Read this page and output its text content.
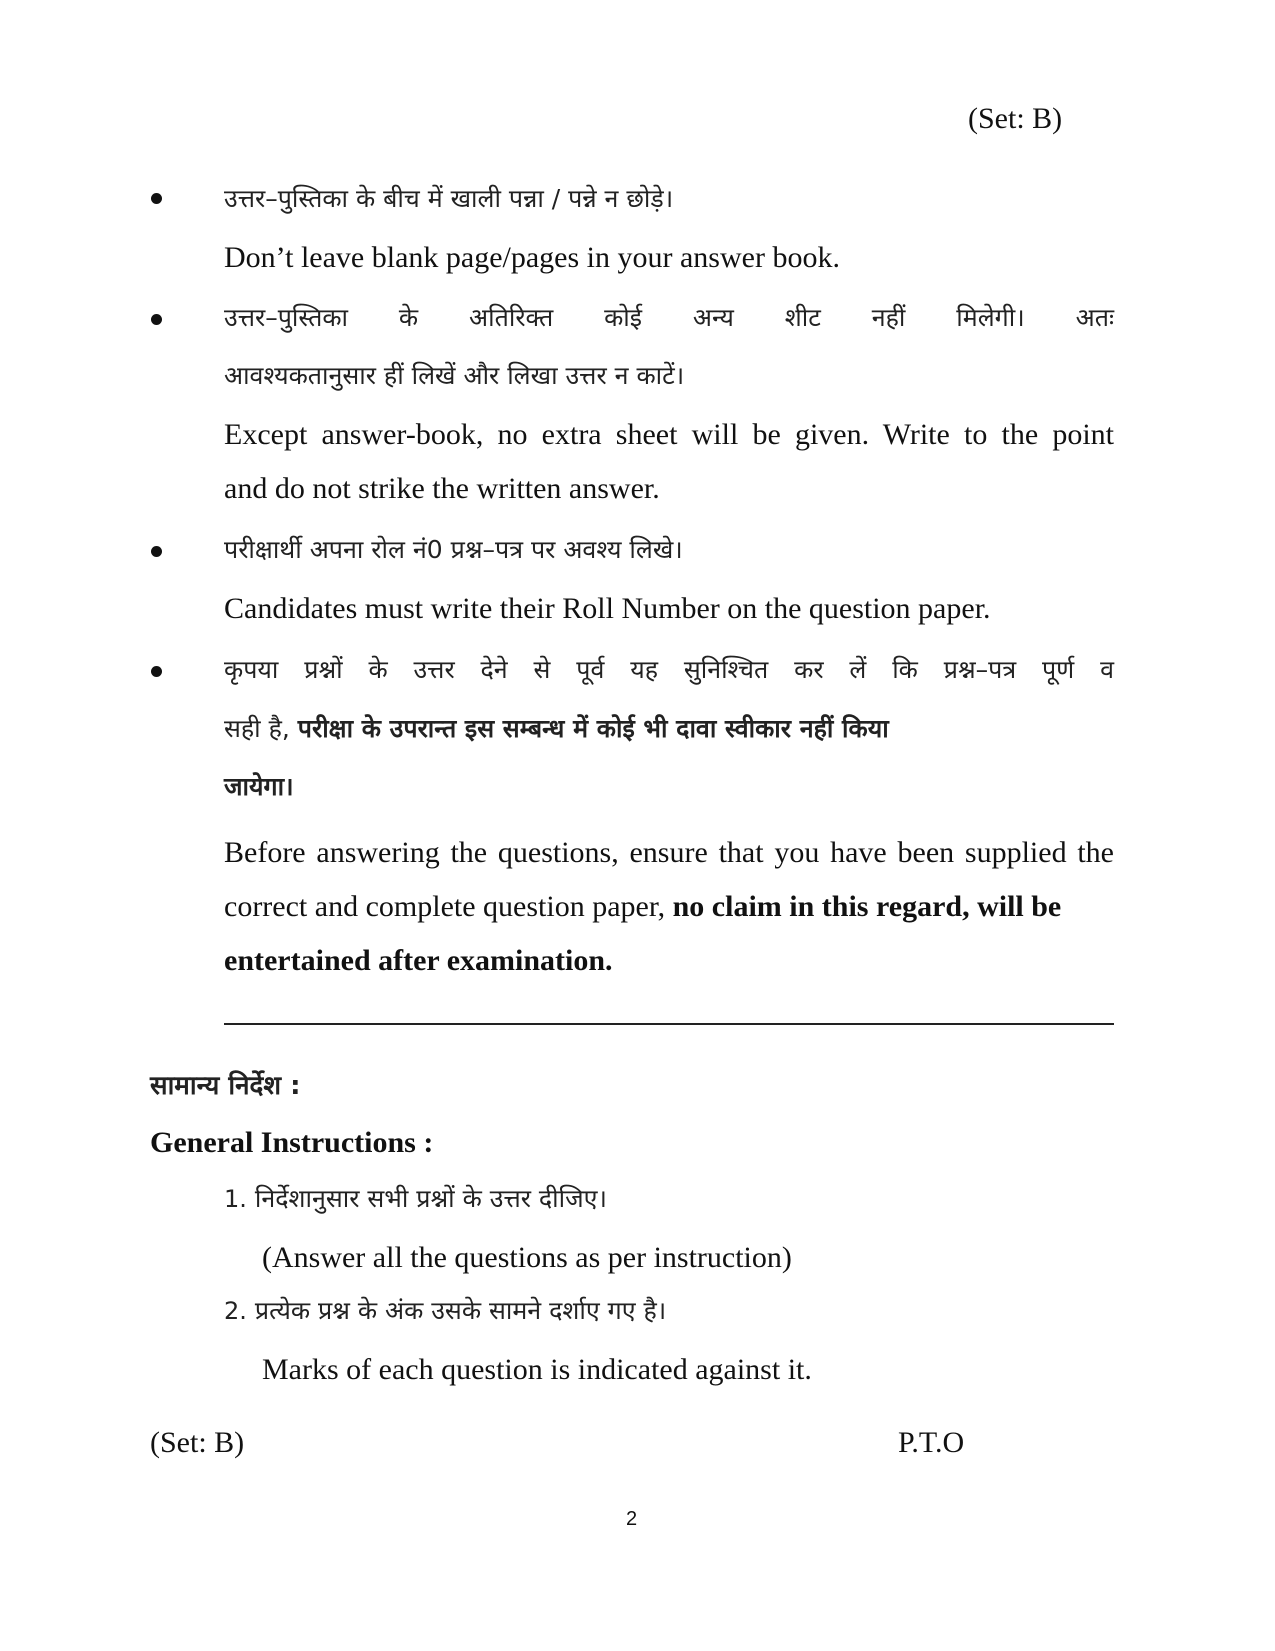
(Set: B)
उत्तर–पुस्तिका के बीच में खाली पन्ना / पन्ने न छोड़े।
Don’t leave blank page/pages in your answer book.
उत्तर–पुस्तिका के अतिरिक्त कोई अन्य शीट नहीं मिलेगी। अतः
आवश्यकतानुसार हीं लिखें और लिखा उत्तर न काटें।
Except answer-book, no extra sheet will be given. Write to the point
and do not strike the written answer.
परीक्षार्थी अपना रोल नं0 प्रश्न–पत्र पर अवश्य लिखे।
Candidates must write their Roll Number on the question paper.
कृपया प्रश्नों के उत्तर देने से पूर्व यह सुनिश्चित कर लें कि प्रश्न–पत्र पूर्ण व
सही है, परीक्षा के उपरान्त इस सम्बन्ध में कोई भी दावा स्वीकार नहीं किया
जायेगा।
Before answering the questions, ensure that you have been supplied the
correct and complete question paper, no claim in this regard, will be
entertained after examination.
सामान्य निर्देश :
General Instructions :
1. निर्देशानुसार सभी प्रश्नों के उत्तर दीजिए।
(Answer all the questions as per instruction)
2. प्रत्येक प्रश्न के अंक उसके सामने दर्शाए गए है।
Marks of each question is indicated against it.
(Set: B)	P.T.O
2
